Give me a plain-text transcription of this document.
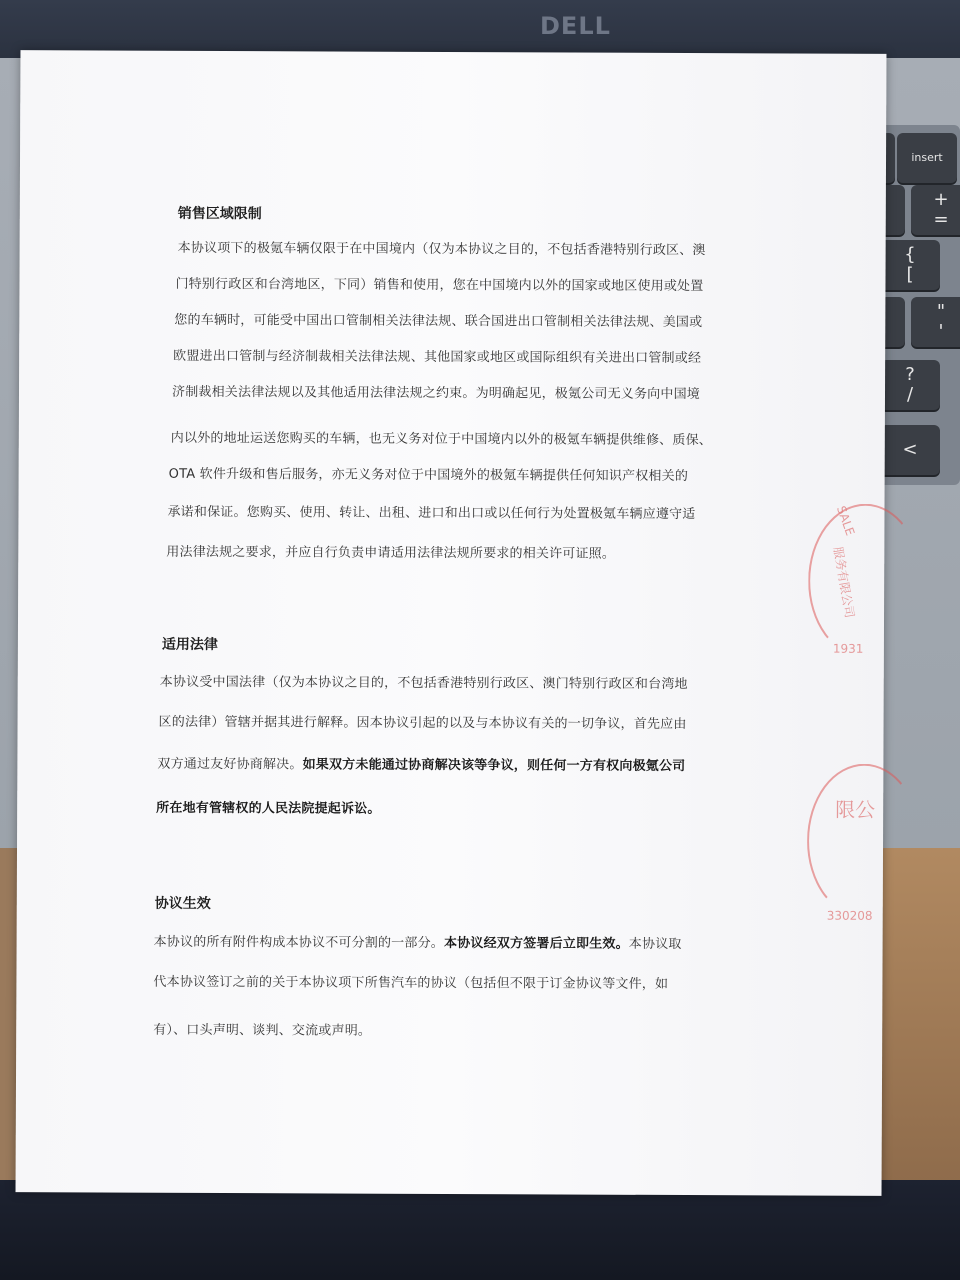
DELL
insert
+
=
{
[
"
'
?
/
<
销售区域限制
本协议项下的极氪车辆仅限于在中国境内（仅为本协议之目的，不包括香港特别行政区、澳
门特别行政区和台湾地区，下同）销售和使用，您在中国境内以外的国家或地区使用或处置
您的车辆时，可能受中国出口管制相关法律法规、联合国进出口管制相关法律法规、美国或
欧盟进出口管制与经济制裁相关法律法规、其他国家或地区或国际组织有关进出口管制或经
济制裁相关法律法规以及其他适用法律法规之约束。为明确起见，极氪公司无义务向中国境
内以外的地址运送您购买的车辆，也无义务对位于中国境内以外的极氪车辆提供维修、质保、
OTA 软件升级和售后服务，亦无义务对位于中国境外的极氪车辆提供任何知识产权相关的
承诺和保证。您购买、使用、转让、出租、进口和出口或以任何行为处置极氪车辆应遵守适
用法律法规之要求，并应自行负责申请适用法律法规所要求的相关许可证照。
适用法律
本协议受中国法律（仅为本协议之目的，不包括香港特别行政区、澳门特别行政区和台湾地
区的法律）管辖并据其进行解释。因本协议引起的以及与本协议有关的一切争议，首先应由
双方通过友好协商解决。如果双方未能通过协商解决该等争议，则任何一方有权向极氪公司
所在地有管辖权的人民法院提起诉讼。
协议生效
本协议的所有附件构成本协议不可分割的一部分。本协议经双方签署后立即生效。本协议取
代本协议签订之前的关于本协议项下所售汽车的协议（包括但不限于订金协议等文件，如
有）、口头声明、谈判、交流或声明。
SALE
服务有限公司
1931
限公
330208
